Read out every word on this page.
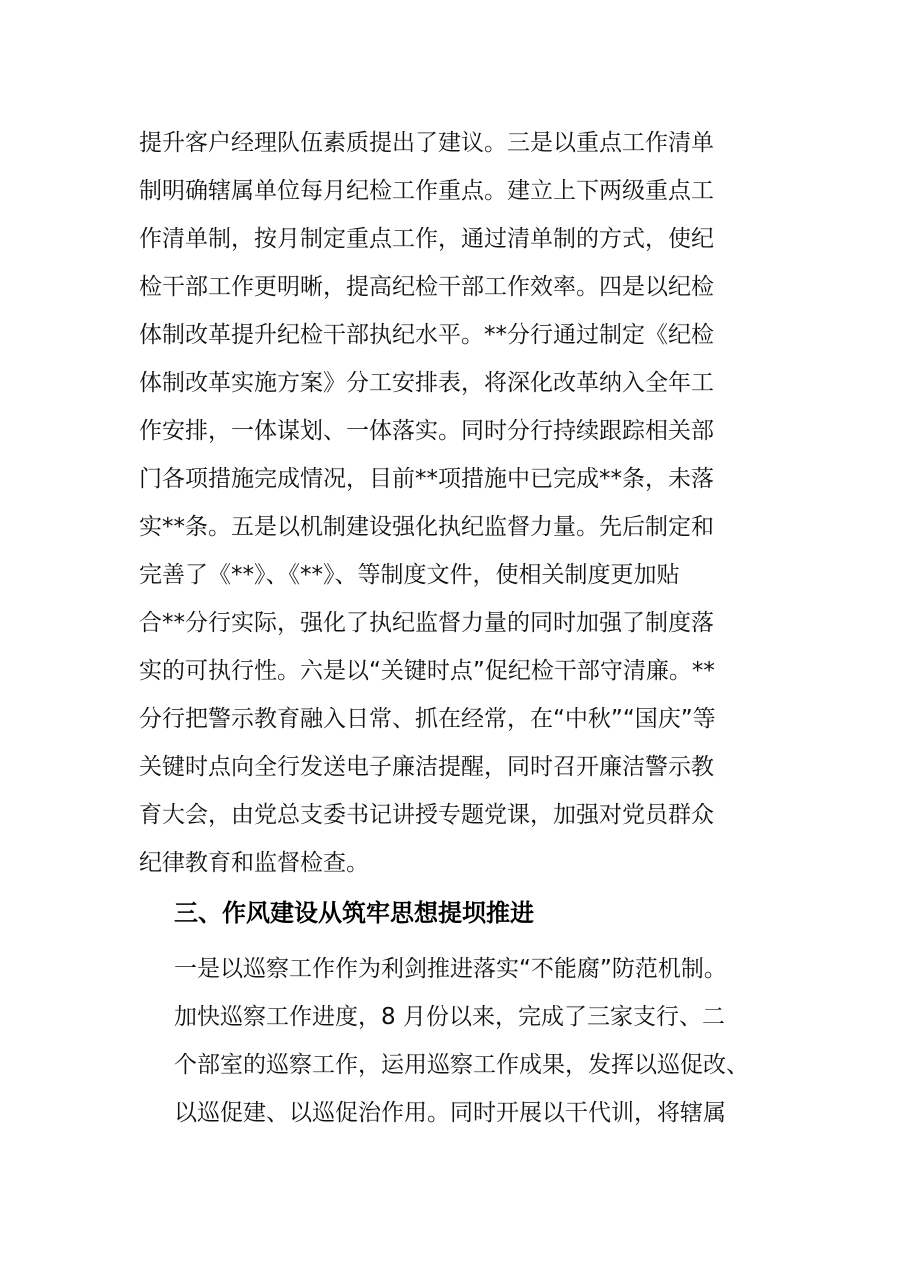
提升客户经理队伍素质提出了建议。三是以重点工作清单
制明确辖属单位每月纪检工作重点。建立上下两级重点工
作清单制，按月制定重点工作，通过清单制的方式，使纪
检干部工作更明晰，提高纪检干部工作效率。四是以纪检
体制改革提升纪检干部执纪水平。**分行通过制定《纪检
体制改革实施方案》分工安排表，将深化改革纳入全年工
作安排，一体谋划、一体落实。同时分行持续跟踪相关部
门各项措施完成情况，目前**项措施中已完成**条，未落
实**条。五是以机制建设强化执纪监督力量。先后制定和
完善了《**》、《**》、等制度文件，使相关制度更加贴
合**分行实际，强化了执纪监督力量的同时加强了制度落
实的可执行性。六是以“关键时点”促纪检干部守清廉。**
分行把警示教育融入日常、抓在经常，在“中秋”“国庆”等
关键时点向全行发送电子廉洁提醒，同时召开廉洁警示教
育大会，由党总支委书记讲授专题党课，加强对党员群众
纪律教育和监督检查。
三、作风建设从筑牢思想提坝推进
一是以巡察工作作为利剑推进落实“不能腐”防范机制。
加快巡察工作进度，8 月份以来，完成了三家支行、二
个部室的巡察工作，运用巡察工作成果，发挥以巡促改、
以巡促建、以巡促治作用。同时开展以干代训，将辖属
